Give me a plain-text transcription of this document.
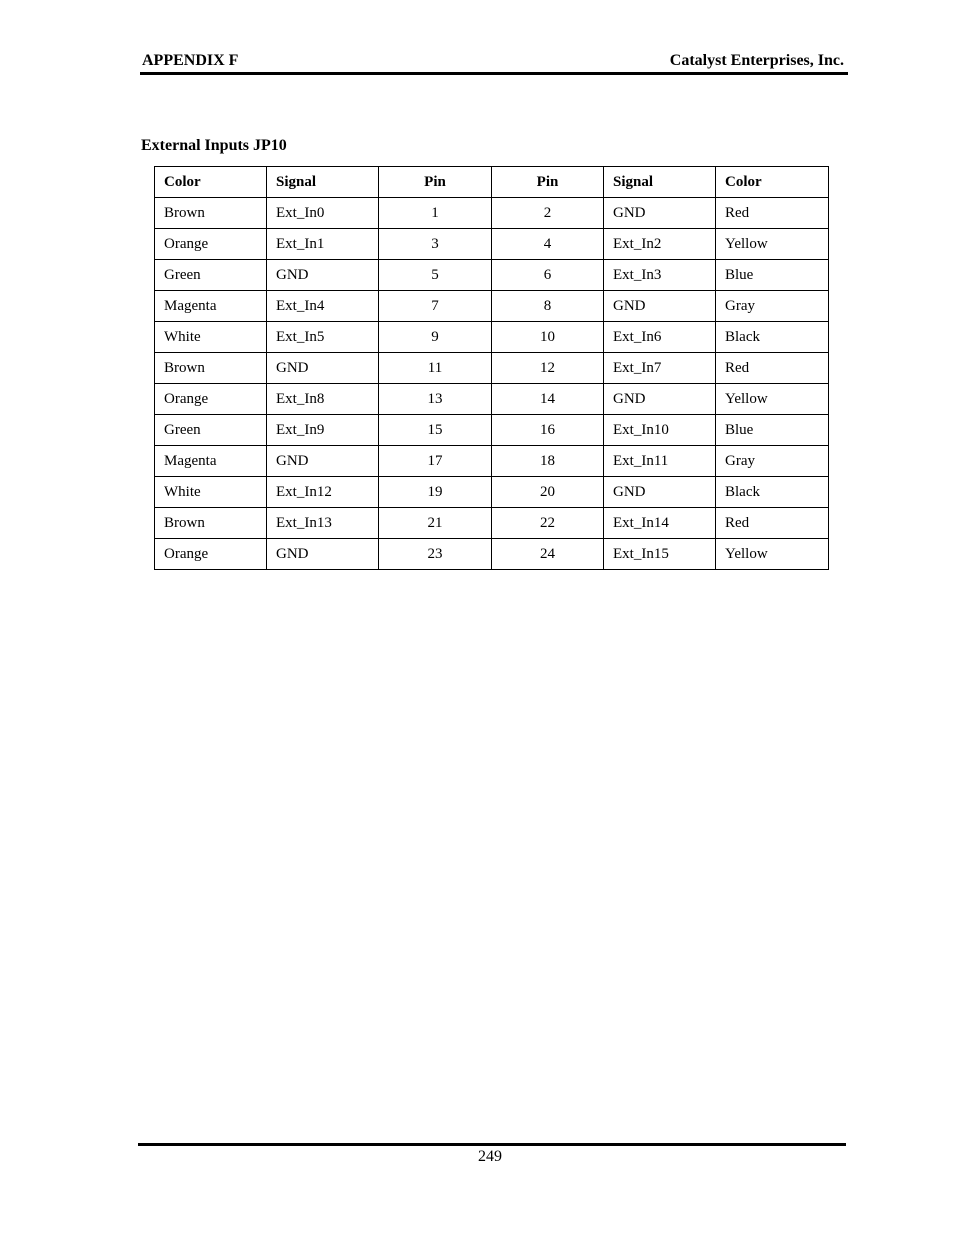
APPENDIX F	Catalyst Enterprises, Inc.
External Inputs JP10
Color	Signal	Pin	Pin	Signal	Color
Brown	Ext_In0	1	2	GND	Red
Orange	Ext_In1	3	4	Ext_In2	Yellow
Green	GND	5	6	Ext_In3	Blue
Magenta	Ext_In4	7	8	GND	Gray
White	Ext_In5	9	10	Ext_In6	Black
Brown	GND	11	12	Ext_In7	Red
Orange	Ext_In8	13	14	GND	Yellow
Green	Ext_In9	15	16	Ext_In10	Blue
Magenta	GND	17	18	Ext_In11	Gray
White	Ext_In12	19	20	GND	Black
Brown	Ext_In13	21	22	Ext_In14	Red
Orange	GND	23	24	Ext_In15	Yellow
249
